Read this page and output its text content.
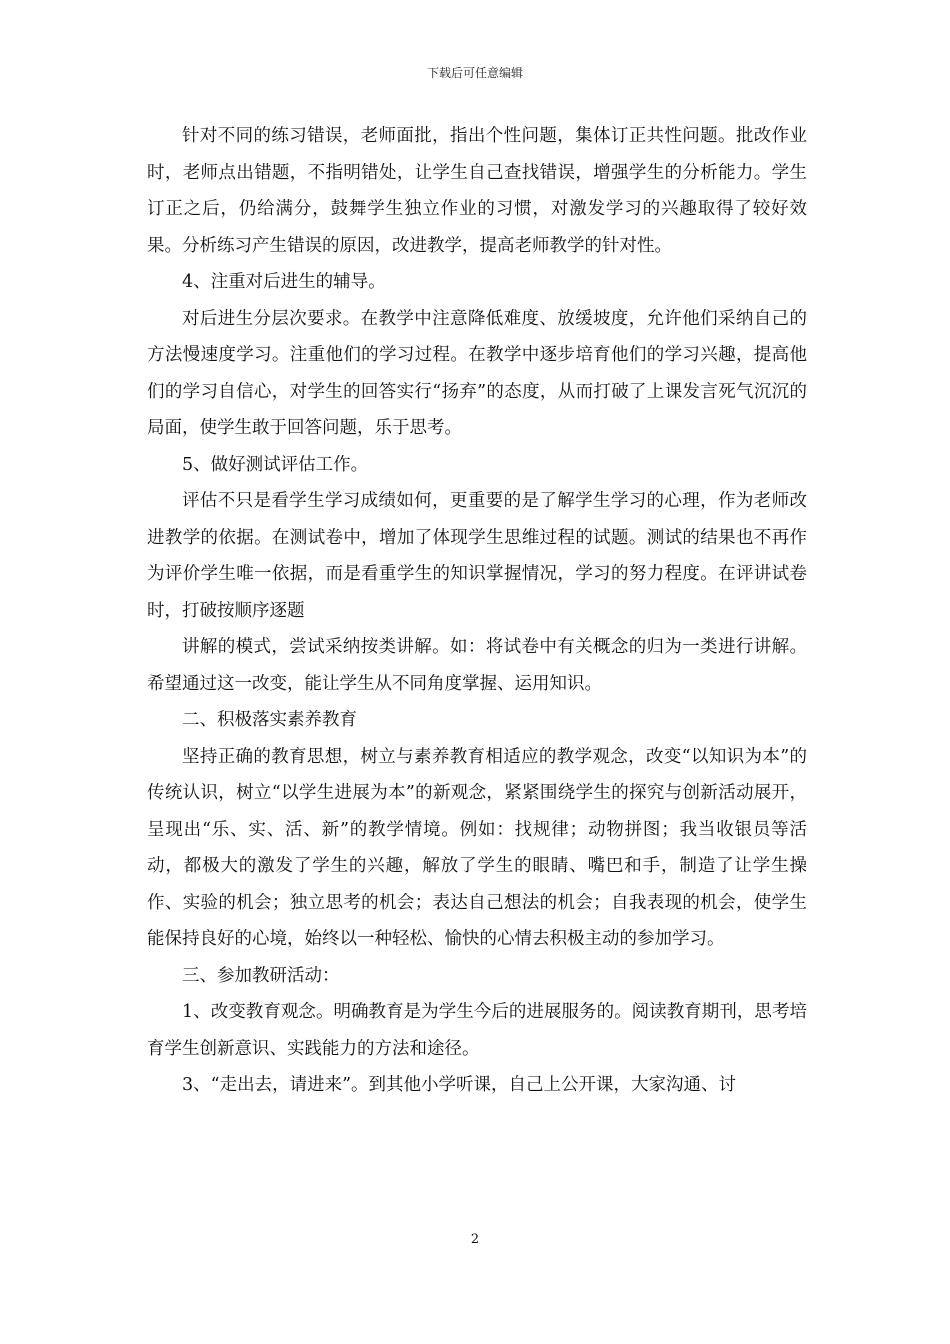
下载后可任意编辑

针对不同的练习错误，老师面批，指出个性问题，集体订正共性问题。批改作业时，老师点出错题，不指明错处，让学生自己查找错误，增强学生的分析能力。学生订正之后，仍给满分，鼓舞学生独立作业的习惯，对激发学习的兴趣取得了较好效果。分析练习产生错误的原因，改进教学，提高老师教学的针对性。

4、注重对后进生的辅导。

对后进生分层次要求。在教学中注意降低难度、放缓坡度，允许他们采纳自己的方法慢速度学习。注重他们的学习过程。在教学中逐步培育他们的学习兴趣，提高他们的学习自信心，对学生的回答实行“扬弃”的态度，从而打破了上课发言死气沉沉的局面，使学生敢于回答问题，乐于思考。

5、做好测试评估工作。

评估不只是看学生学习成绩如何，更重要的是了解学生学习的心理，作为老师改进教学的依据。在测试卷中，增加了体现学生思维过程的试题。测试的结果也不再作为评价学生唯一依据，而是看重学生的知识掌握情况，学习的努力程度。在评讲试卷时，打破按顺序逐题

讲解的模式，尝试采纳按类讲解。如：将试卷中有关概念的归为一类进行讲解。希望通过这一改变，能让学生从不同角度掌握、运用知识。

二、积极落实素养教育

坚持正确的教育思想，树立与素养教育相适应的教学观念，改变“以知识为本”的传统认识，树立“以学生进展为本”的新观念，紧紧围绕学生的探究与创新活动展开，呈现出“乐、实、活、新”的教学情境。例如：找规律；动物拼图；我当收银员等活动，都极大的激发了学生的兴趣，解放了学生的眼睛、嘴巴和手，制造了让学生操作、实验的机会；独立思考的机会；表达自己想法的机会；自我表现的机会，使学生能保持良好的心境，始终以一种轻松、愉快的心情去积极主动的参加学习。

三、参加教研活动：

1、改变教育观念。明确教育是为学生今后的进展服务的。阅读教育期刊，思考培育学生创新意识、实践能力的方法和途径。

3、“走出去，请进来”。到其他小学听课，自己上公开课，大家沟通、讨

2
